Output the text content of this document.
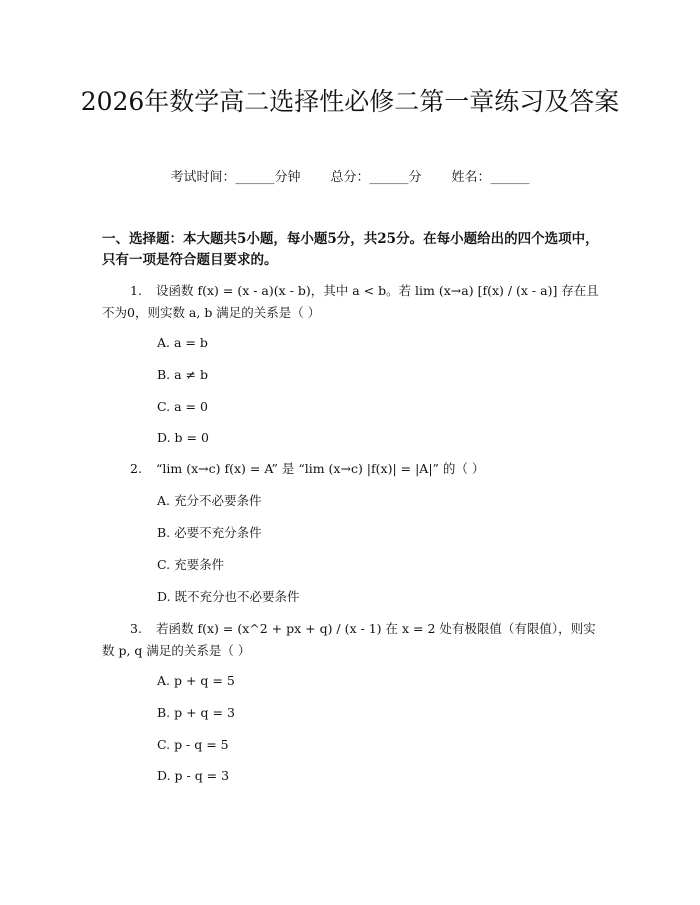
2026年数学高二选择性必修二第一章练习及答案
考试时间：______分钟 总分：______分 姓名：______
一、选择题：本大题共5小题，每小题5分，共25分。在每小题给出的四个选项中，只有一项是符合题目要求的。
1. 设函数 f(x) = (x - a)(x - b)，其中 a < b。若 lim (x→a) [f(x) / (x - a)] 存在且不为0，则实数 a, b 满足的关系是（ ）
A. a = b
B. a ≠ b
C. a = 0
D. b = 0
2. “lim (x→c) f(x) = A” 是 “lim (x→c) |f(x)| = |A|” 的（ ）
A. 充分不必要条件
B. 必要不充分条件
C. 充要条件
D. 既不充分也不必要条件
3. 若函数 f(x) = (x^2 + px + q) / (x - 1) 在 x = 2 处有极限值（有限值），则实数 p, q 满足的关系是（ ）
A. p + q = 5
B. p + q = 3
C. p - q = 5
D. p - q = 3
